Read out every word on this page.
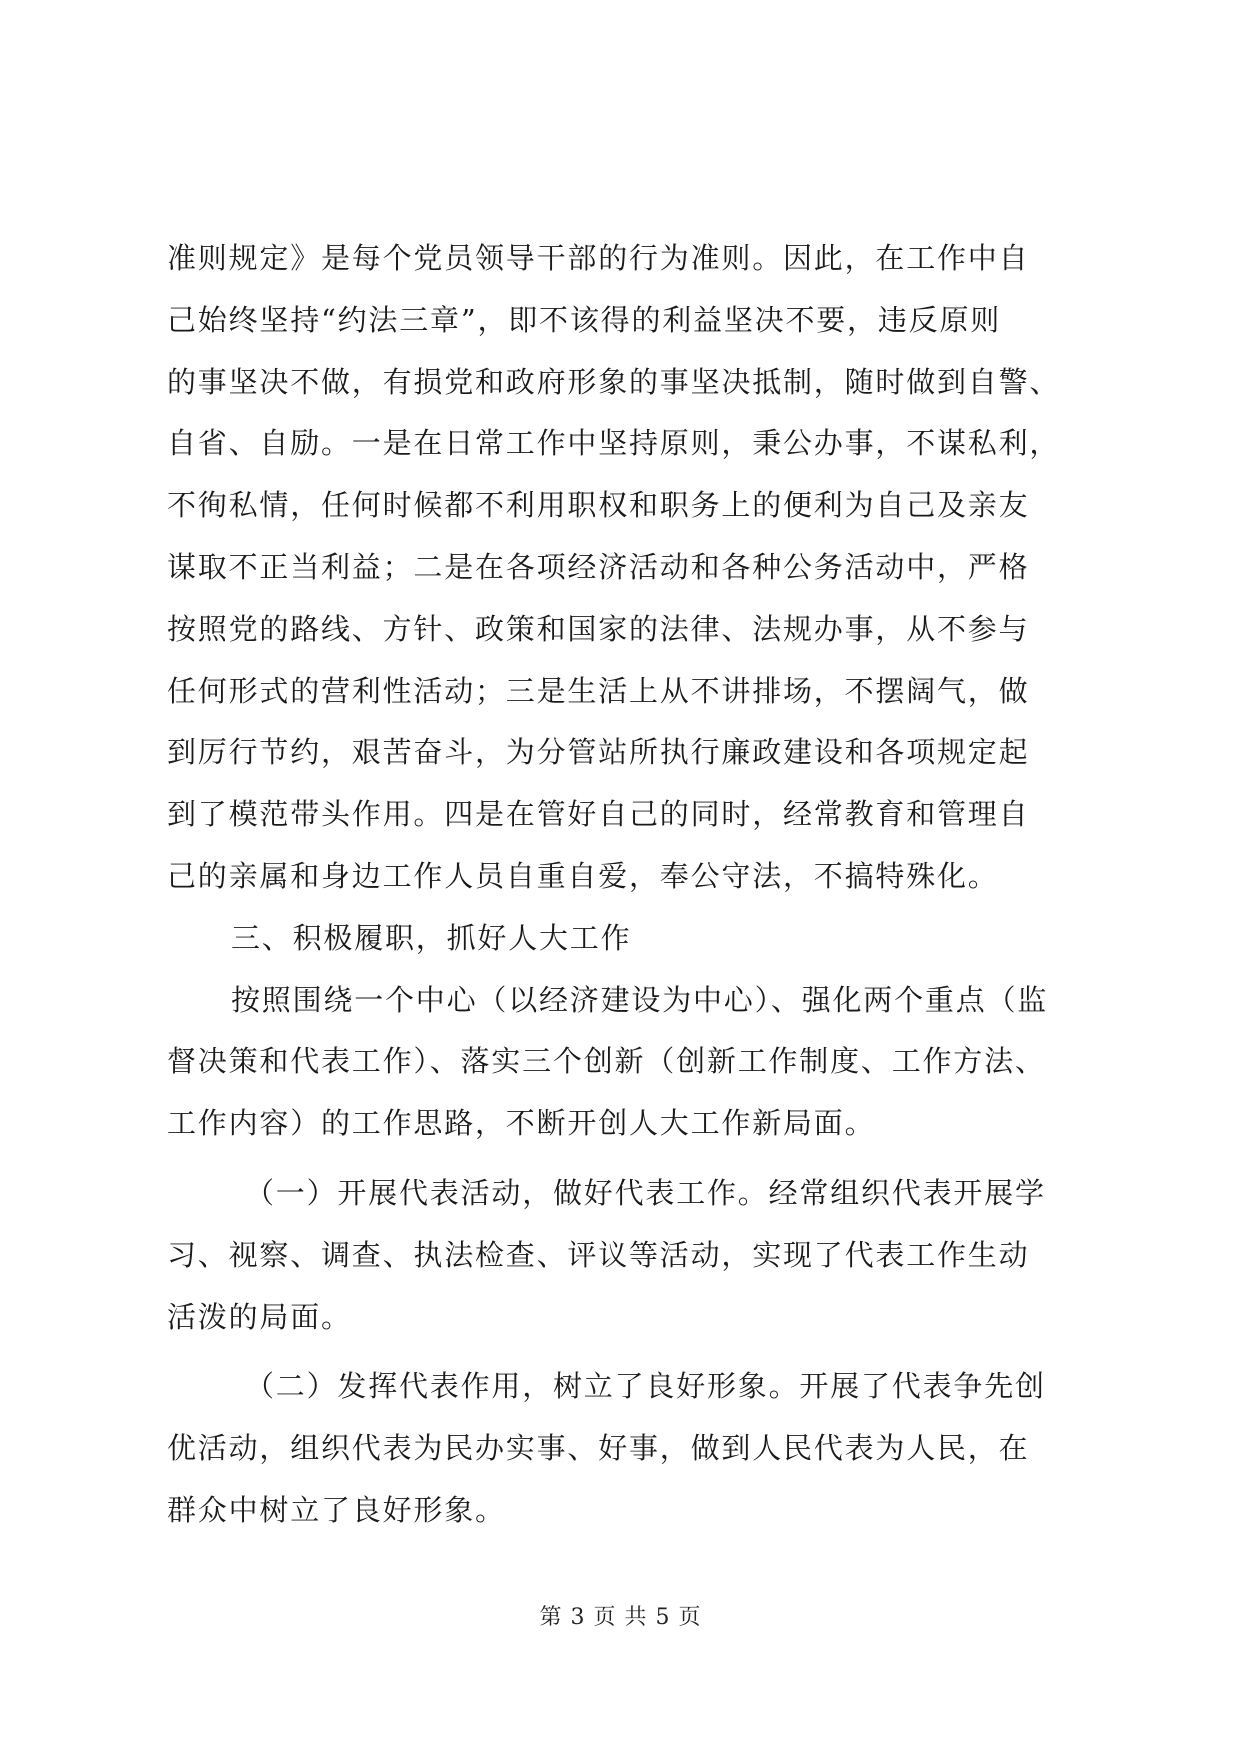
准则规定》是每个党员领导干部的行为准则。因此，在工作中自
己始终坚持“约法三章”，即不该得的利益坚决不要，违反原则
的事坚决不做，有损党和政府形象的事坚决抵制，随时做到自警、
自省、自励。一是在日常工作中坚持原则，秉公办事，不谋私利，
不徇私情，任何时候都不利用职权和职务上的便利为自己及亲友
谋取不正当利益；二是在各项经济活动和各种公务活动中，严格
按照党的路线、方针、政策和国家的法律、法规办事，从不参与
任何形式的营利性活动；三是生活上从不讲排场，不摆阔气，做
到厉行节约，艰苦奋斗，为分管站所执行廉政建设和各项规定起
到了模范带头作用。四是在管好自己的同时，经常教育和管理自
己的亲属和身边工作人员自重自爱，奉公守法，不搞特殊化。
三、积极履职，抓好人大工作
按照围绕一个中心（以经济建设为中心）、强化两个重点（监
督决策和代表工作）、落实三个创新（创新工作制度、工作方法、
工作内容）的工作思路，不断开创人大工作新局面。
（一）开展代表活动，做好代表工作。经常组织代表开展学
习、视察、调查、执法检查、评议等活动，实现了代表工作生动
活泼的局面。
（二）发挥代表作用，树立了良好形象。开展了代表争先创
优活动，组织代表为民办实事、好事，做到人民代表为人民，在
群众中树立了良好形象。
第 3 页 共 5 页
